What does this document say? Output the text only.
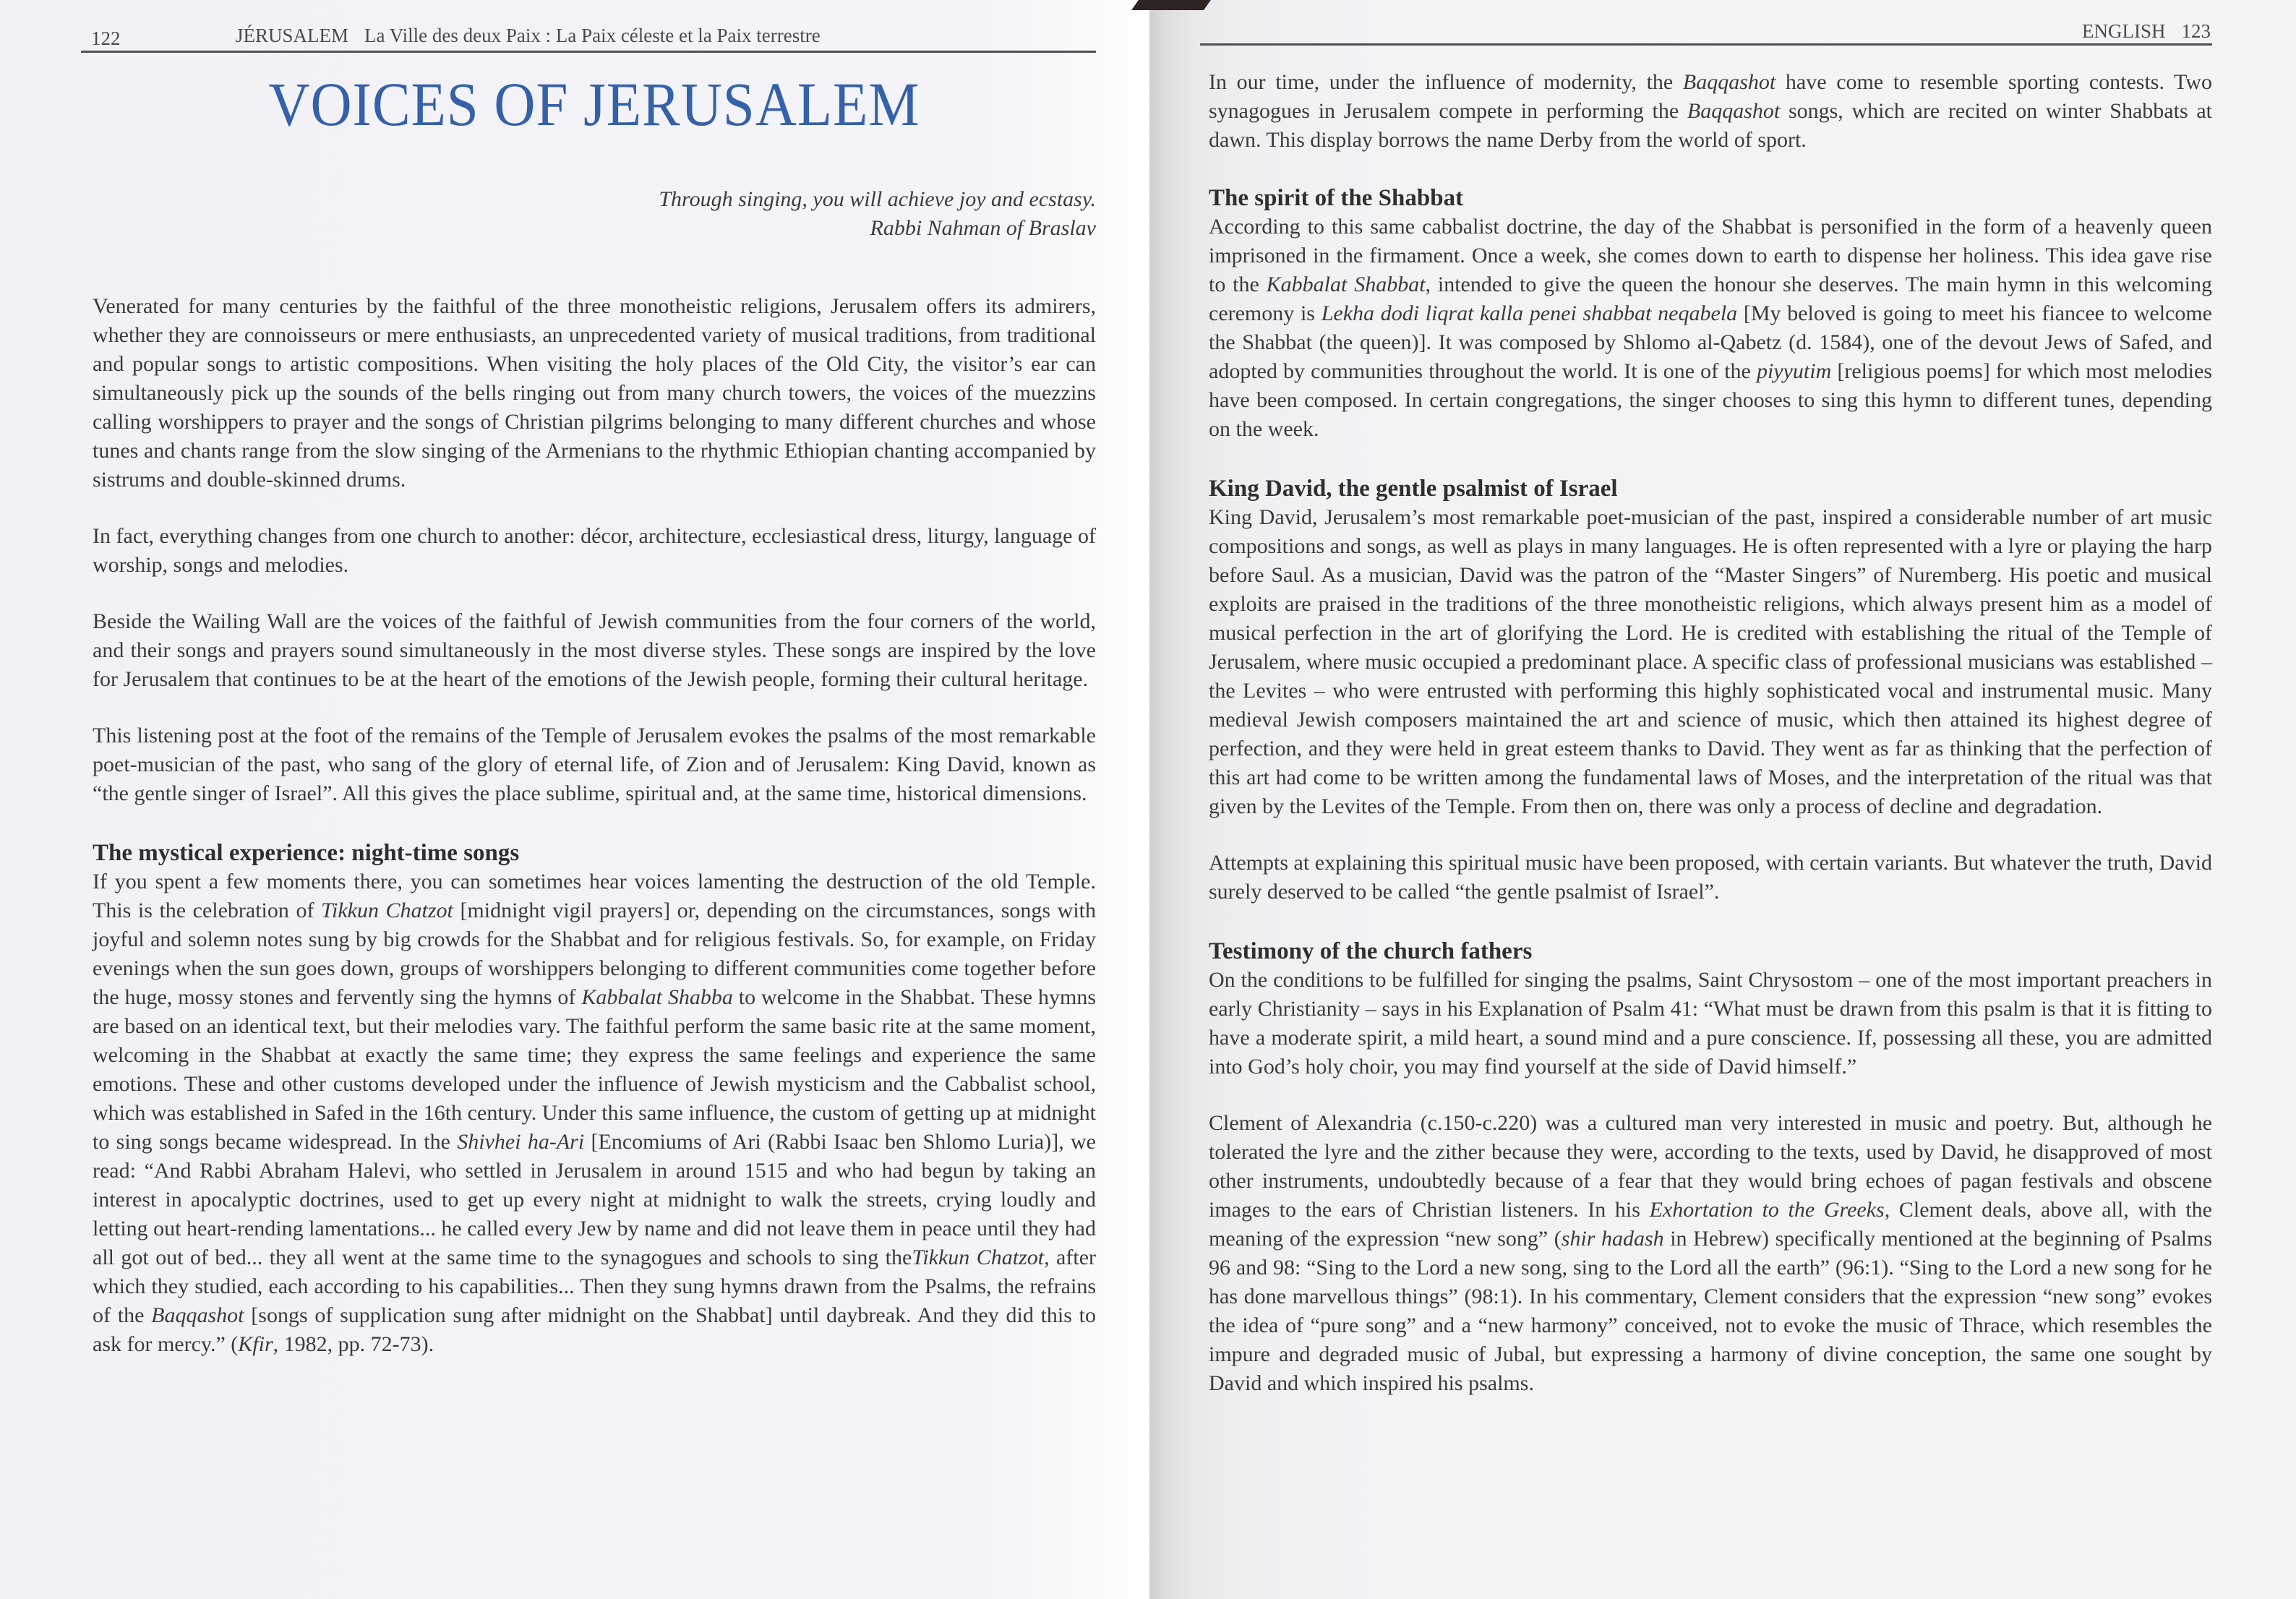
122	JÉRUSALEM La Ville des deux Paix : La Paix céleste et la Paix terrestre
VOICES OF JERUSALEM
Through singing, you will achieve joy and ecstasy.
Rabbi Nahman of Braslav

Venerated for many centuries by the faithful of the three monotheistic religions, Jerusalem offers its admirers, whether they are connoisseurs or mere enthusiasts, an unprecedented variety of musical traditions, from traditional and popular songs to artistic compositions. When visiting the holy places of the Old City, the visitor’s ear can simultaneously pick up the sounds of the bells ringing out from many church towers, the voices of the muezzins calling worshippers to prayer and the songs of Christian pilgrims belonging to many different churches and whose tunes and chants range from the slow singing of the Armenians to the rhythmic Ethiopian chanting accompanied by sistrums and double-skinned drums.

In fact, everything changes from one church to another: décor, architecture, ecclesiastical dress, liturgy, language of worship, songs and melodies.

Beside the Wailing Wall are the voices of the faithful of Jewish communities from the four corners of the world, and their songs and prayers sound simultaneously in the most diverse styles. These songs are inspired by the love for Jerusalem that continues to be at the heart of the emotions of the Jewish people, forming their cultural heritage.

This listening post at the foot of the remains of the Temple of Jerusalem evokes the psalms of the most remarkable poet-musician of the past, who sang of the glory of eternal life, of Zion and of Jerusalem: King David, known as “the gentle singer of Israel”. All this gives the place sublime, spiritual and, at the same time, historical dimensions.

The mystical experience: night-time songs

If you spent a few moments there, you can sometimes hear voices lamenting the destruction of the old Temple. This is the celebration of Tikkun Chatzot [midnight vigil prayers] or, depending on the circumstances, songs with joyful and solemn notes sung by big crowds for the Shabbat and for religious festivals. So, for example, on Friday evenings when the sun goes down, groups of worshippers belonging to different communities come together before the huge, mossy stones and fervently sing the hymns of Kabbalat Shabba to welcome in the Shabbat. These hymns are based on an identical text, but their melodies vary. The faithful perform the same basic rite at the same moment, welcoming in the Shabbat at exactly the same time; they express the same feelings and experience the same emotions. These and other customs developed under the influence of Jewish mysticism and the Cabbalist school, which was established in Safed in the 16th century. Under this same influence, the custom of getting up at midnight to sing songs became widespread. In the Shivhei ha-Ari [Encomiums of Ari (Rabbi Isaac ben Shlomo Luria)], we read: “And Rabbi Abraham Halevi, who settled in Jerusalem in around 1515 and who had begun by taking an interest in apocalyptic doctrines, used to get up every night at midnight to walk the streets, crying loudly and letting out heart-rending lamentations... he called every Jew by name and did not leave them in peace until they had all got out of bed... they all went at the same time to the synagogues and schools to sing theTikkun Chatzot, after which they studied, each according to his capabilities... Then they sung hymns drawn from the Psalms, the refrains of the Baqqashot [songs of supplication sung after midnight on the Shabbat] until daybreak. And they did this to ask for mercy.” (Kfir, 1982, pp. 72-73).

ENGLISH 123

In our time, under the influence of modernity, the Baqqashot have come to resemble sporting contests. Two synagogues in Jerusalem compete in performing the Baqqashot songs, which are recited on winter Shabbats at dawn. This display borrows the name Derby from the world of sport.

The spirit of the Shabbat

According to this same cabbalist doctrine, the day of the Shabbat is personified in the form of a heavenly queen imprisoned in the firmament. Once a week, she comes down to earth to dispense her holiness. This idea gave rise to the Kabbalat Shabbat, intended to give the queen the honour she deserves. The main hymn in this welcoming ceremony is Lekha dodi liqrat kalla penei shabbat neqabela [My beloved is going to meet his fiancee to welcome the Shabbat (the queen)]. It was composed by Shlomo al-Qabetz (d. 1584), one of the devout Jews of Safed, and adopted by communities throughout the world. It is one of the piyyutim [religious poems] for which most melodies have been composed. In certain congregations, the singer chooses to sing this hymn to different tunes, depending on the week.

King David, the gentle psalmist of Israel

King David, Jerusalem’s most remarkable poet-musician of the past, inspired a considerable number of art music compositions and songs, as well as plays in many languages. He is often represented with a lyre or playing the harp before Saul. As a musician, David was the patron of the “Master Singers” of Nuremberg. His poetic and musical exploits are praised in the traditions of the three monotheistic religions, which always present him as a model of musical perfection in the art of glorifying the Lord. He is credited with establishing the ritual of the Temple of Jerusalem, where music occupied a predominant place. A specific class of professional musicians was established – the Levites – who were entrusted with performing this highly sophisticated vocal and instrumental music. Many medieval Jewish composers maintained the art and science of music, which then attained its highest degree of perfection, and they were held in great esteem thanks to David. They went as far as thinking that the perfection of this art had come to be written among the fundamental laws of Moses, and the interpretation of the ritual was that given by the Levites of the Temple. From then on, there was only a process of decline and degradation.

Attempts at explaining this spiritual music have been proposed, with certain variants. But whatever the truth, David surely deserved to be called “the gentle psalmist of Israel”.

Testimony of the church fathers

On the conditions to be fulfilled for singing the psalms, Saint Chrysostom – one of the most important preachers in early Christianity – says in his Explanation of Psalm 41: “What must be drawn from this psalm is that it is fitting to have a moderate spirit, a mild heart, a sound mind and a pure conscience. If, possessing all these, you are admitted into God’s holy choir, you may find yourself at the side of David himself.”

Clement of Alexandria (c.150-c.220) was a cultured man very interested in music and poetry. But, although he tolerated the lyre and the zither because they were, according to the texts, used by David, he disapproved of most other instruments, undoubtedly because of a fear that they would bring echoes of pagan festivals and obscene images to the ears of Christian listeners. In his Exhortation to the Greeks, Clement deals, above all, with the meaning of the expression “new song” (shir hadash in Hebrew) specifically mentioned at the beginning of Psalms 96 and 98: “Sing to the Lord a new song, sing to the Lord all the earth” (96:1). “Sing to the Lord a new song for he has done marvellous things” (98:1). In his commentary, Clement considers that the expression “new song” evokes the idea of “pure song” and a “new harmony” conceived, not to evoke the music of Thrace, which resembles the impure and degraded music of Jubal, but expressing a harmony of divine conception, the same one sought by David and which inspired his psalms.
